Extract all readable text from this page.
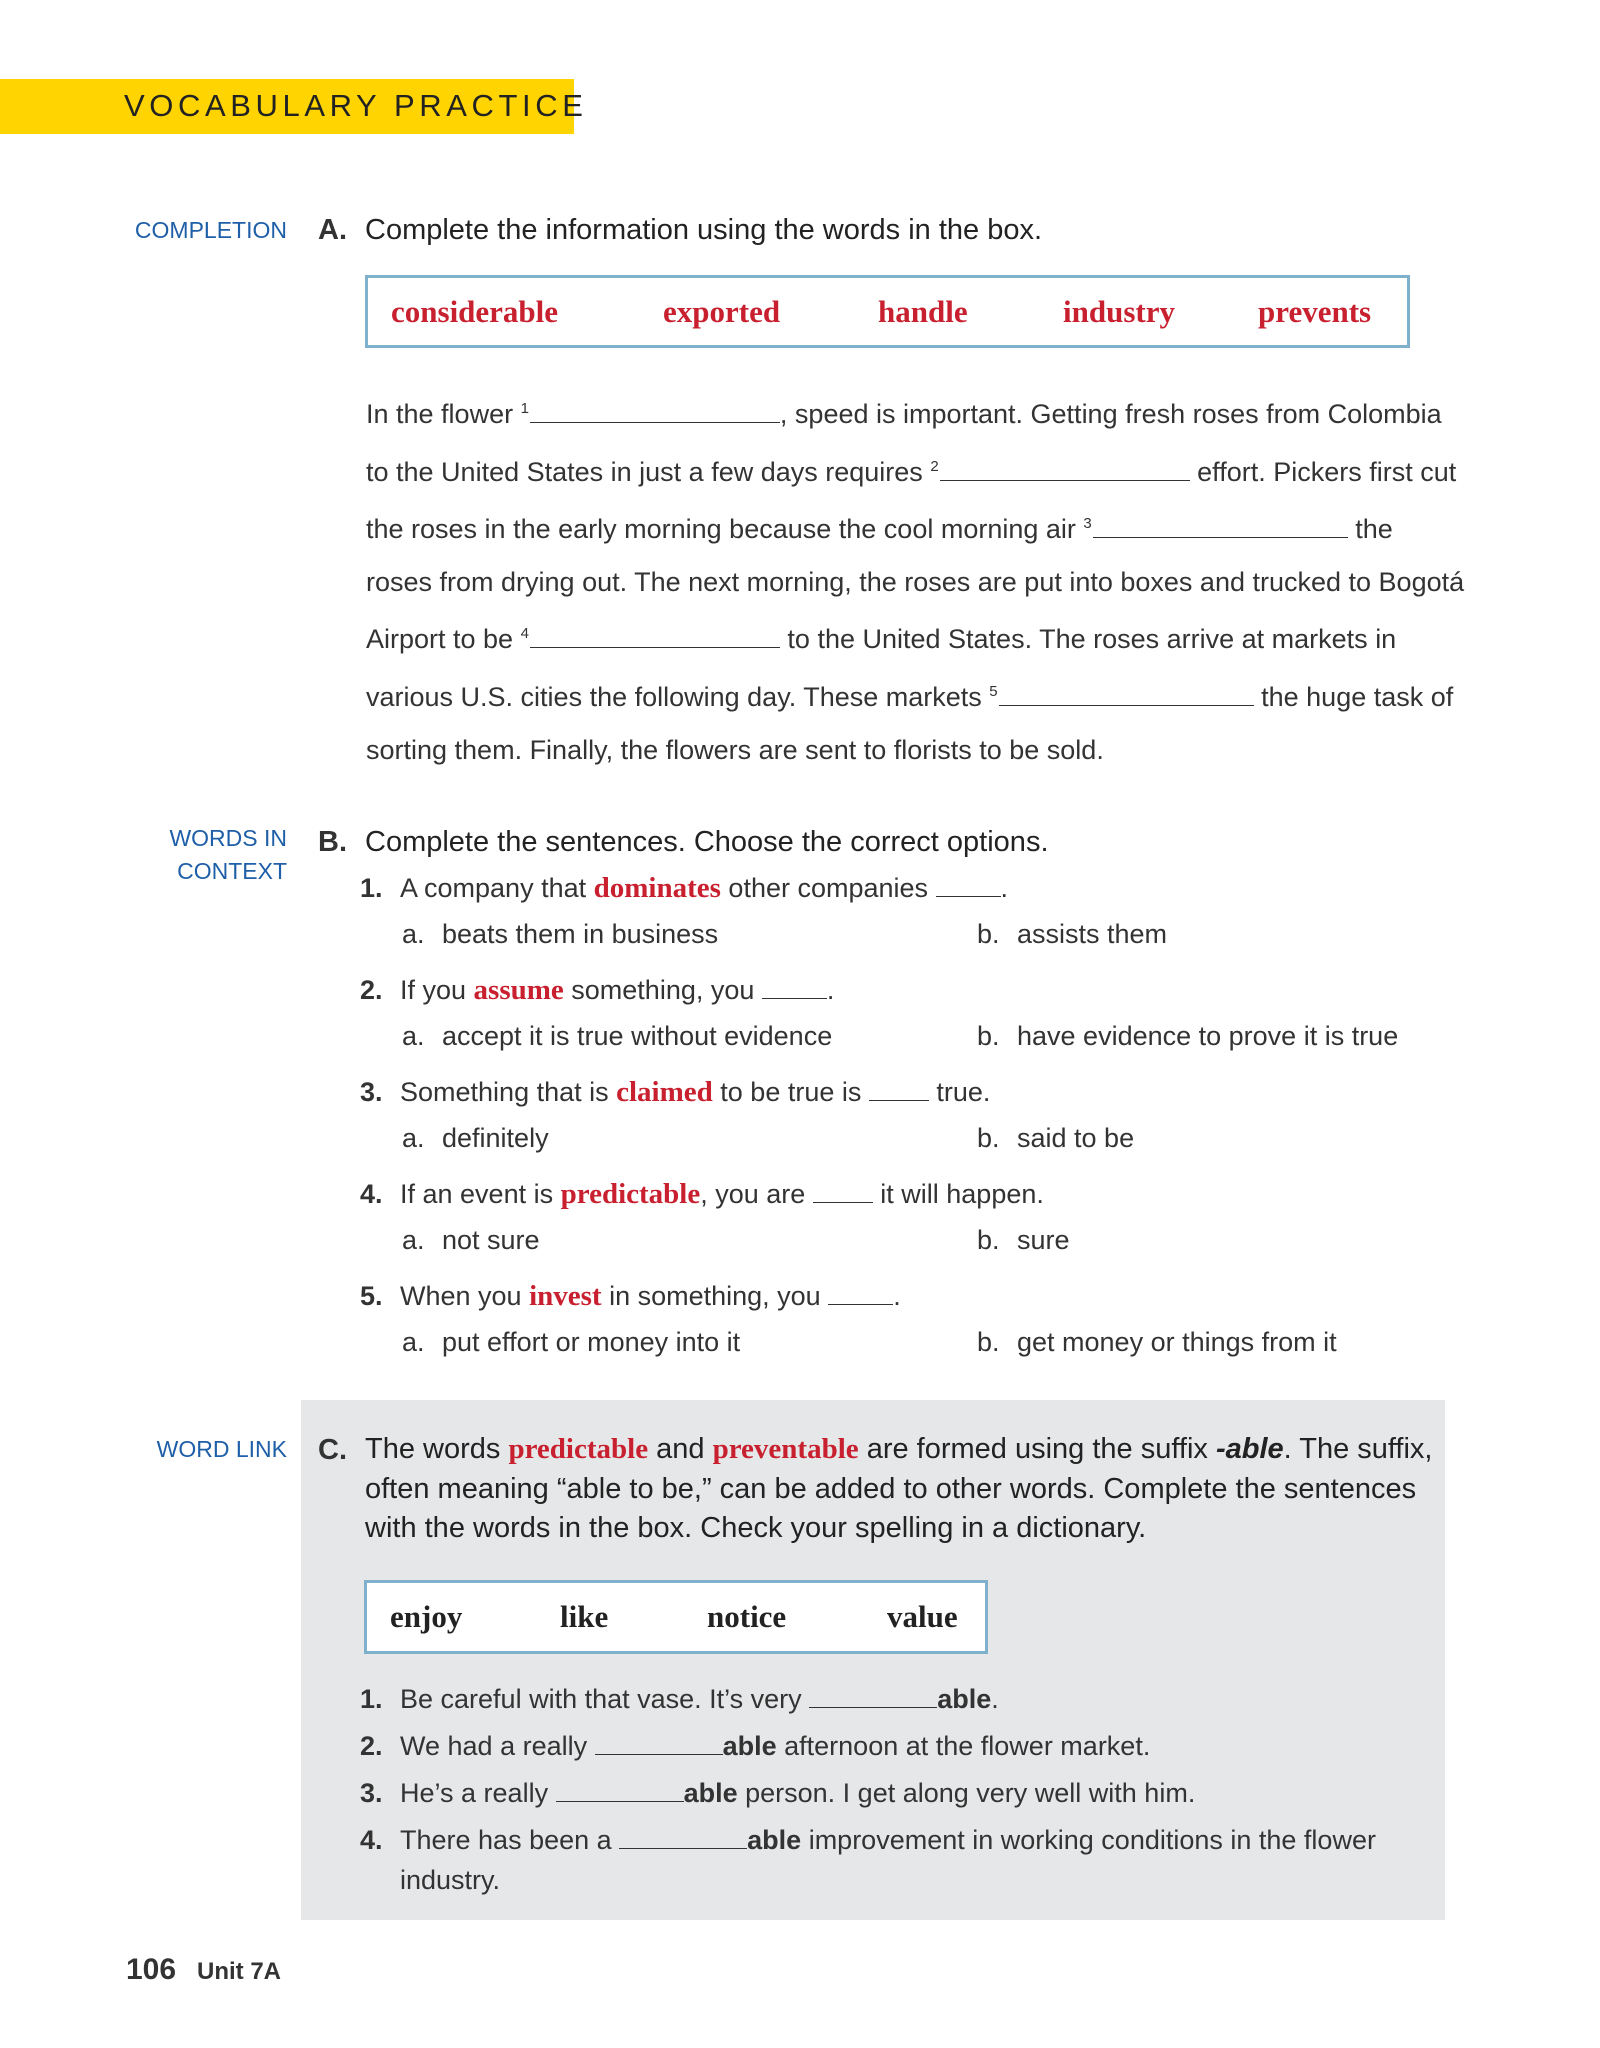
VOCABULARY PRACTICE
COMPLETION A. Complete the information using the words in the box.
considerable	exported	handle	industry	prevents
In the flower $^1$	, speed is important. Getting fresh roses from Colombia to the United States in just a few days requires $^2$	effort. Pickers first cut the roses in the early morning because the cool morning air $^3$	the roses from drying out. The next morning, the roses are put into boxes and trucked to Bogotá Airport to be $^4$	to the United States. The roses arrive at markets in various U.S. cities the following day. These markets $^5$	the huge task of sorting them. Finally, the flowers are sent to florists to be sold.
WORDS IN
CONTEXT
B. Complete the sentences. Choose the correct options.
1. A company that dominates other companies .
a. beats them in business	b. assists them
2. If you assume something, you .
a. accept it is true without evidence	b. have evidence to prove it is true
3. Something that is claimed to be true is  true.
a. definitely	b. said to be
4. If an event is predictable, you are  it will happen.
a. not sure	b. sure
5. When you invest in something, you .
a. put effort or money into it	b. get money or things from it
WORD LINK C. The words predictable and preventable are formed using the suffix -able. The suffix, often meaning “able to be,” can be added to other words. Complete the sentences with the words in the box. Check your spelling in a dictionary.
enjoy	like	notice	value
1. Be careful with that vase. It’s very	able.
2. We had a really	able afternoon at the flower market.
3. He’s a really	able person. I get along very well with him.
4. There has been a	able improvement in working conditions in the flower
industry.
106 Unit 7A
